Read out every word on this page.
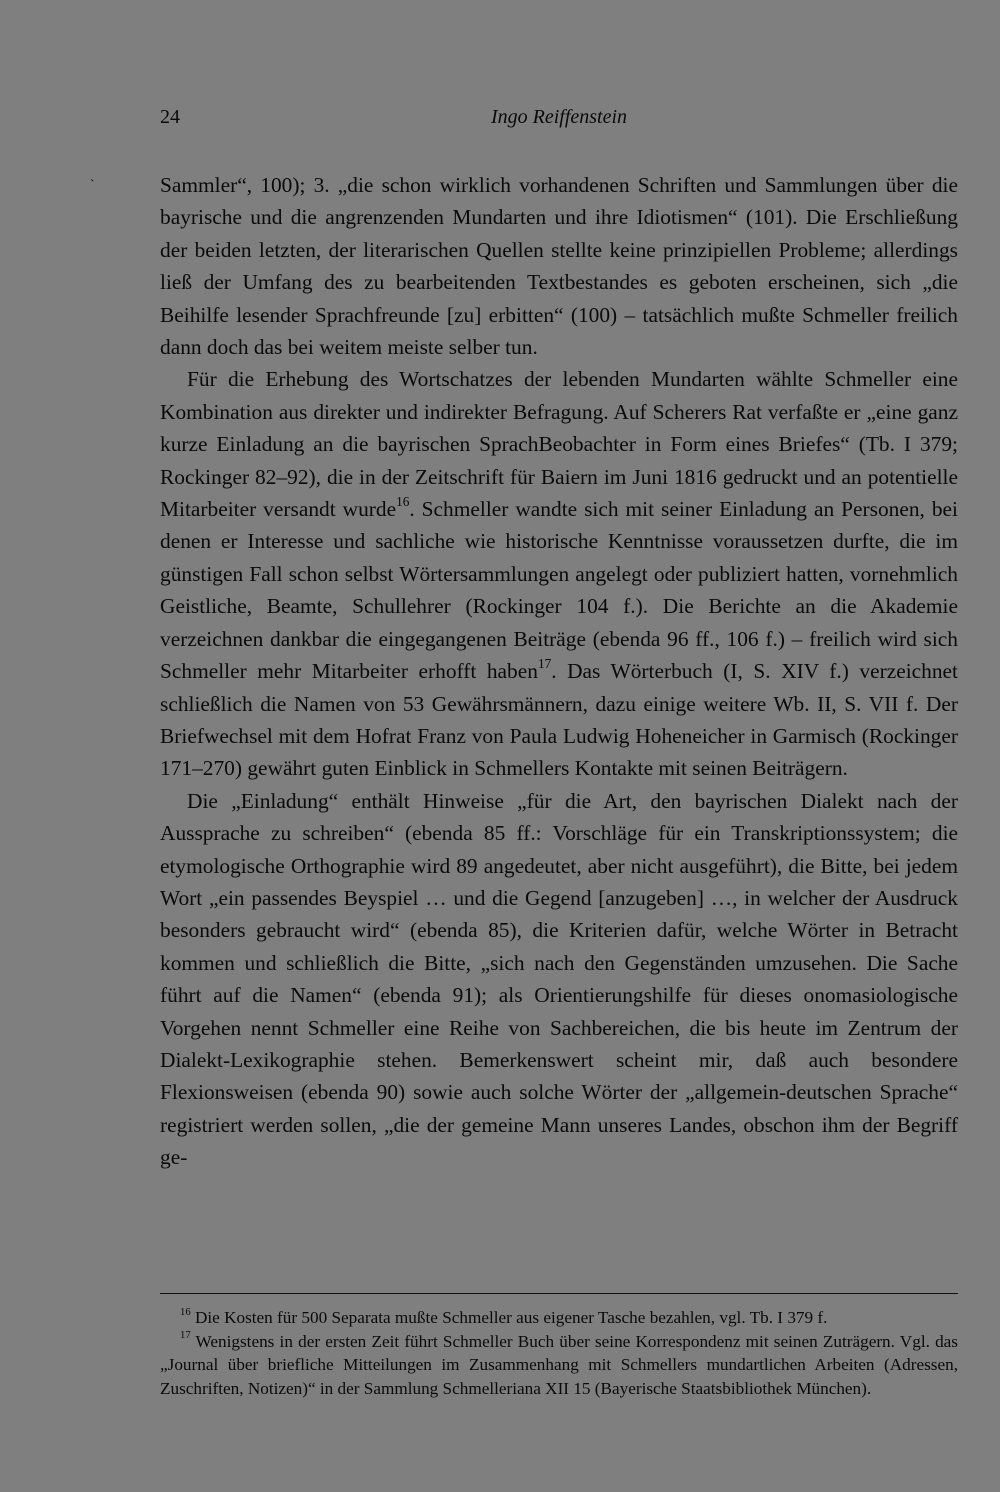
24	Ingo Reiffenstein
`	Sammler“, 100); 3. „die schon wirklich vorhandenen Schriften und Sammlungen über die bayrische und die angrenzenden Mundarten und ihre Idiotismen“ (101). Die Erschließung der beiden letzten, der literarischen Quellen stellte keine prinzipiellen Probleme; allerdings ließ der Umfang des zu bearbeitenden Textbestandes es geboten erscheinen, sich „die Beihilfe lesender Sprachfreunde [zu] erbitten“ (100) – tatsächlich mußte Schmeller freilich dann doch das bei weitem meiste selber tun.

Für die Erhebung des Wortschatzes der lebenden Mundarten wählte Schmeller eine Kombination aus direkter und indirekter Befragung. Auf Scherers Rat verfaßte er „eine ganz kurze Einladung an die bayrischen SprachBeobachter in Form eines Briefes“ (Tb. I 379; Rockinger 82–92), die in der Zeitschrift für Baiern im Juni 1816 gedruckt und an potentielle Mitarbeiter versandt wurde$^{16}$. Schmeller wandte sich mit seiner Einladung an Personen, bei denen er Interesse und sachliche wie historische Kenntnisse voraussetzen durfte, die im günstigen Fall schon selbst Wörtersammlungen angelegt oder publiziert hatten, vornehmlich Geistliche, Beamte, Schullehrer (Rockinger 104 f.). Die Berichte an die Akademie verzeichnen dankbar die eingegangenen Beiträge (ebenda 96 ff., 106 f.) – freilich wird sich Schmeller mehr Mitarbeiter erhofft haben$^{17}$. Das Wörterbuch (I, S. XIV f.) verzeichnet schließlich die Namen von 53 Gewährsmännern, dazu einige weitere Wb. II, S. VII f. Der Briefwechsel mit dem Hofrat Franz von Paula Ludwig Hoheneicher in Garmisch (Rockinger 171–270) gewährt guten Einblick in Schmellers Kontakte mit seinen Beiträgern.

Die „Einladung“ enthält Hinweise „für die Art, den bayrischen Dialekt nach der Aussprache zu schreiben“ (ebenda 85 ff.: Vorschläge für ein Transkriptionssystem; die etymologische Orthographie wird 89 angedeutet, aber nicht ausgeführt), die Bitte, bei jedem Wort „ein passendes Beyspiel … und die Gegend [anzugeben] …, in welcher der Ausdruck besonders gebraucht wird“ (ebenda 85), die Kriterien dafür, welche Wörter in Betracht kommen und schließlich die Bitte, „sich nach den Gegenständen umzusehen. Die Sache führt auf die Namen“ (ebenda 91); als Orientierungshilfe für dieses onomasiologische Vorgehen nennt Schmeller eine Reihe von Sachbereichen, die bis heute im Zentrum der Dialekt-Lexikographie stehen. Bemerkenswert scheint mir, daß auch besondere Flexionsweisen (ebenda 90) sowie auch solche Wörter der „allgemein-deutschen Sprache“ registriert werden sollen, „die der gemeine Mann unseres Landes, obschon ihm der Begriff ge-

$^{16}$ Die Kosten für 500 Separata mußte Schmeller aus eigener Tasche bezahlen, vgl. Tb. I 379 f.

$^{17}$ Wenigstens in der ersten Zeit führt Schmeller Buch über seine Korrespondenz mit seinen Zuträgern. Vgl. das „Journal über briefliche Mitteilungen im Zusammenhang mit Schmellers mundartlichen Arbeiten (Adressen, Zuschriften, Notizen)“ in der Sammlung Schmelleriana XII 15 (Bayerische Staatsbibliothek München).
